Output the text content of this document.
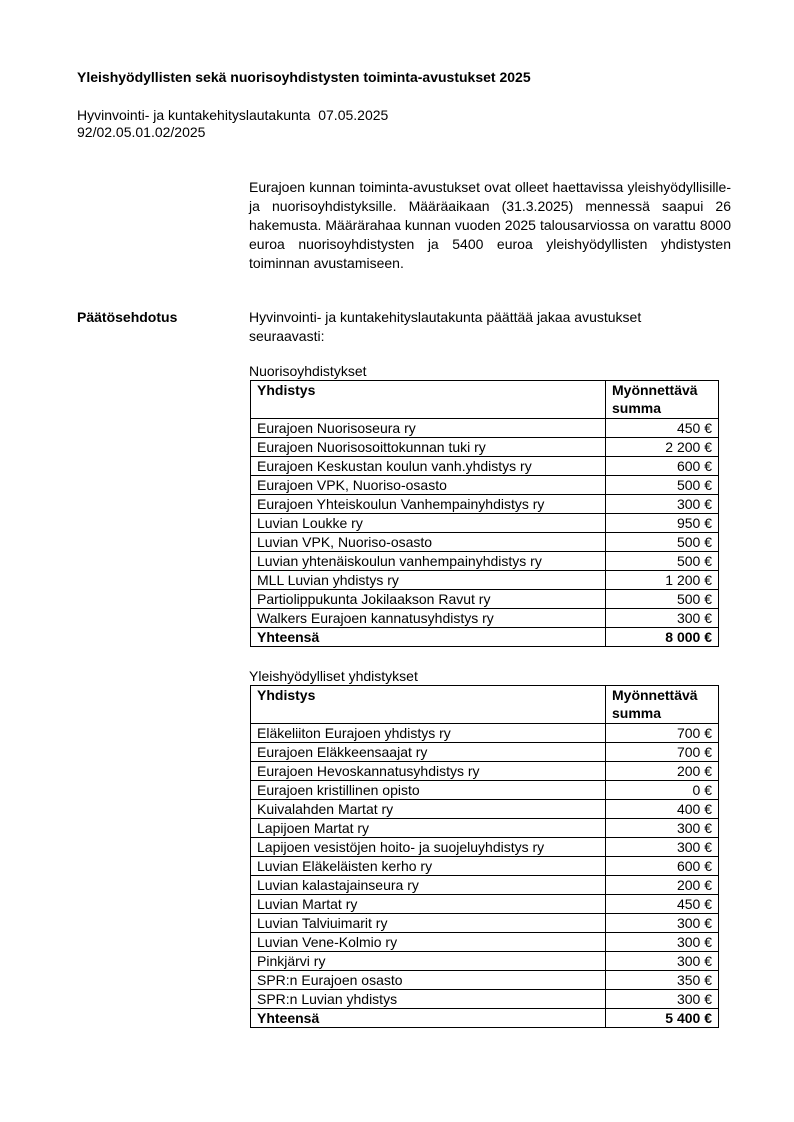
Yleishyödyllisten sekä nuorisoyhdistysten toiminta-avustukset 2025
Hyvinvointi- ja kuntakehityslautakunta  07.05.2025
92/02.05.01.02/2025

Eurajoen kunnan toiminta-avustukset ovat olleet haettavissa yleishyödyllisille- ja nuorisoyhdistyksille. Määräaikaan (31.3.2025) mennessä saapui 26 hakemusta. Määrärahaa kunnan vuoden 2025 talousarviossa on varattu 8000 euroa nuorisoyhdistysten ja 5400 euroa yleishyödyllisten yhdistysten toiminnan avustamiseen.

Päätösehdotus	Hyvinvointi- ja kuntakehityslautakunta päättää jakaa avustukset seuraavasti:
Nuorisoyhdistykset
Yhdistys	Myönnettävä summa
Eurajoen Nuorisoseura ry	450 €
Eurajoen Nuorisosoittokunnan tuki ry	2 200 €
Eurajoen Keskustan koulun vanh.yhdistys ry	600 €
Eurajoen VPK, Nuoriso-osasto	500 €
Eurajoen Yhteiskoulun Vanhempainyhdistys ry	300 €
Luvian Loukke ry	950 €
Luvian VPK, Nuoriso-osasto	500 €
Luvian yhtenäiskoulun vanhempainyhdistys ry	500 €
MLL Luvian yhdistys ry	1 200 €
Partiolippukunta Jokilaakson Ravut ry	500 €
Walkers Eurajoen kannatusyhdistys ry	300 €
Yhteensä	8 000 €
Yleishyödylliset yhdistykset
Yhdistys	Myönnettävä summa
Eläkeliiton Eurajoen yhdistys ry	700 €
Eurajoen Eläkkeensaajat ry	700 €
Eurajoen Hevoskannatusyhdistys ry	200 €
Eurajoen kristillinen opisto	0 €
Kuivalahden Martat ry	400 €
Lapijoen Martat ry	300 €
Lapijoen vesistöjen hoito- ja suojeluyhdistys ry	300 €
Luvian Eläkeläisten kerho ry	600 €
Luvian kalastajainseura ry	200 €
Luvian Martat ry	450 €
Luvian Talviuimarit ry	300 €
Luvian Vene-Kolmio ry	300 €
Pinkjärvi ry	300 €
SPR:n Eurajoen osasto	350 €
SPR:n Luvian yhdistys	300 €
Yhteensä	5 400 €
